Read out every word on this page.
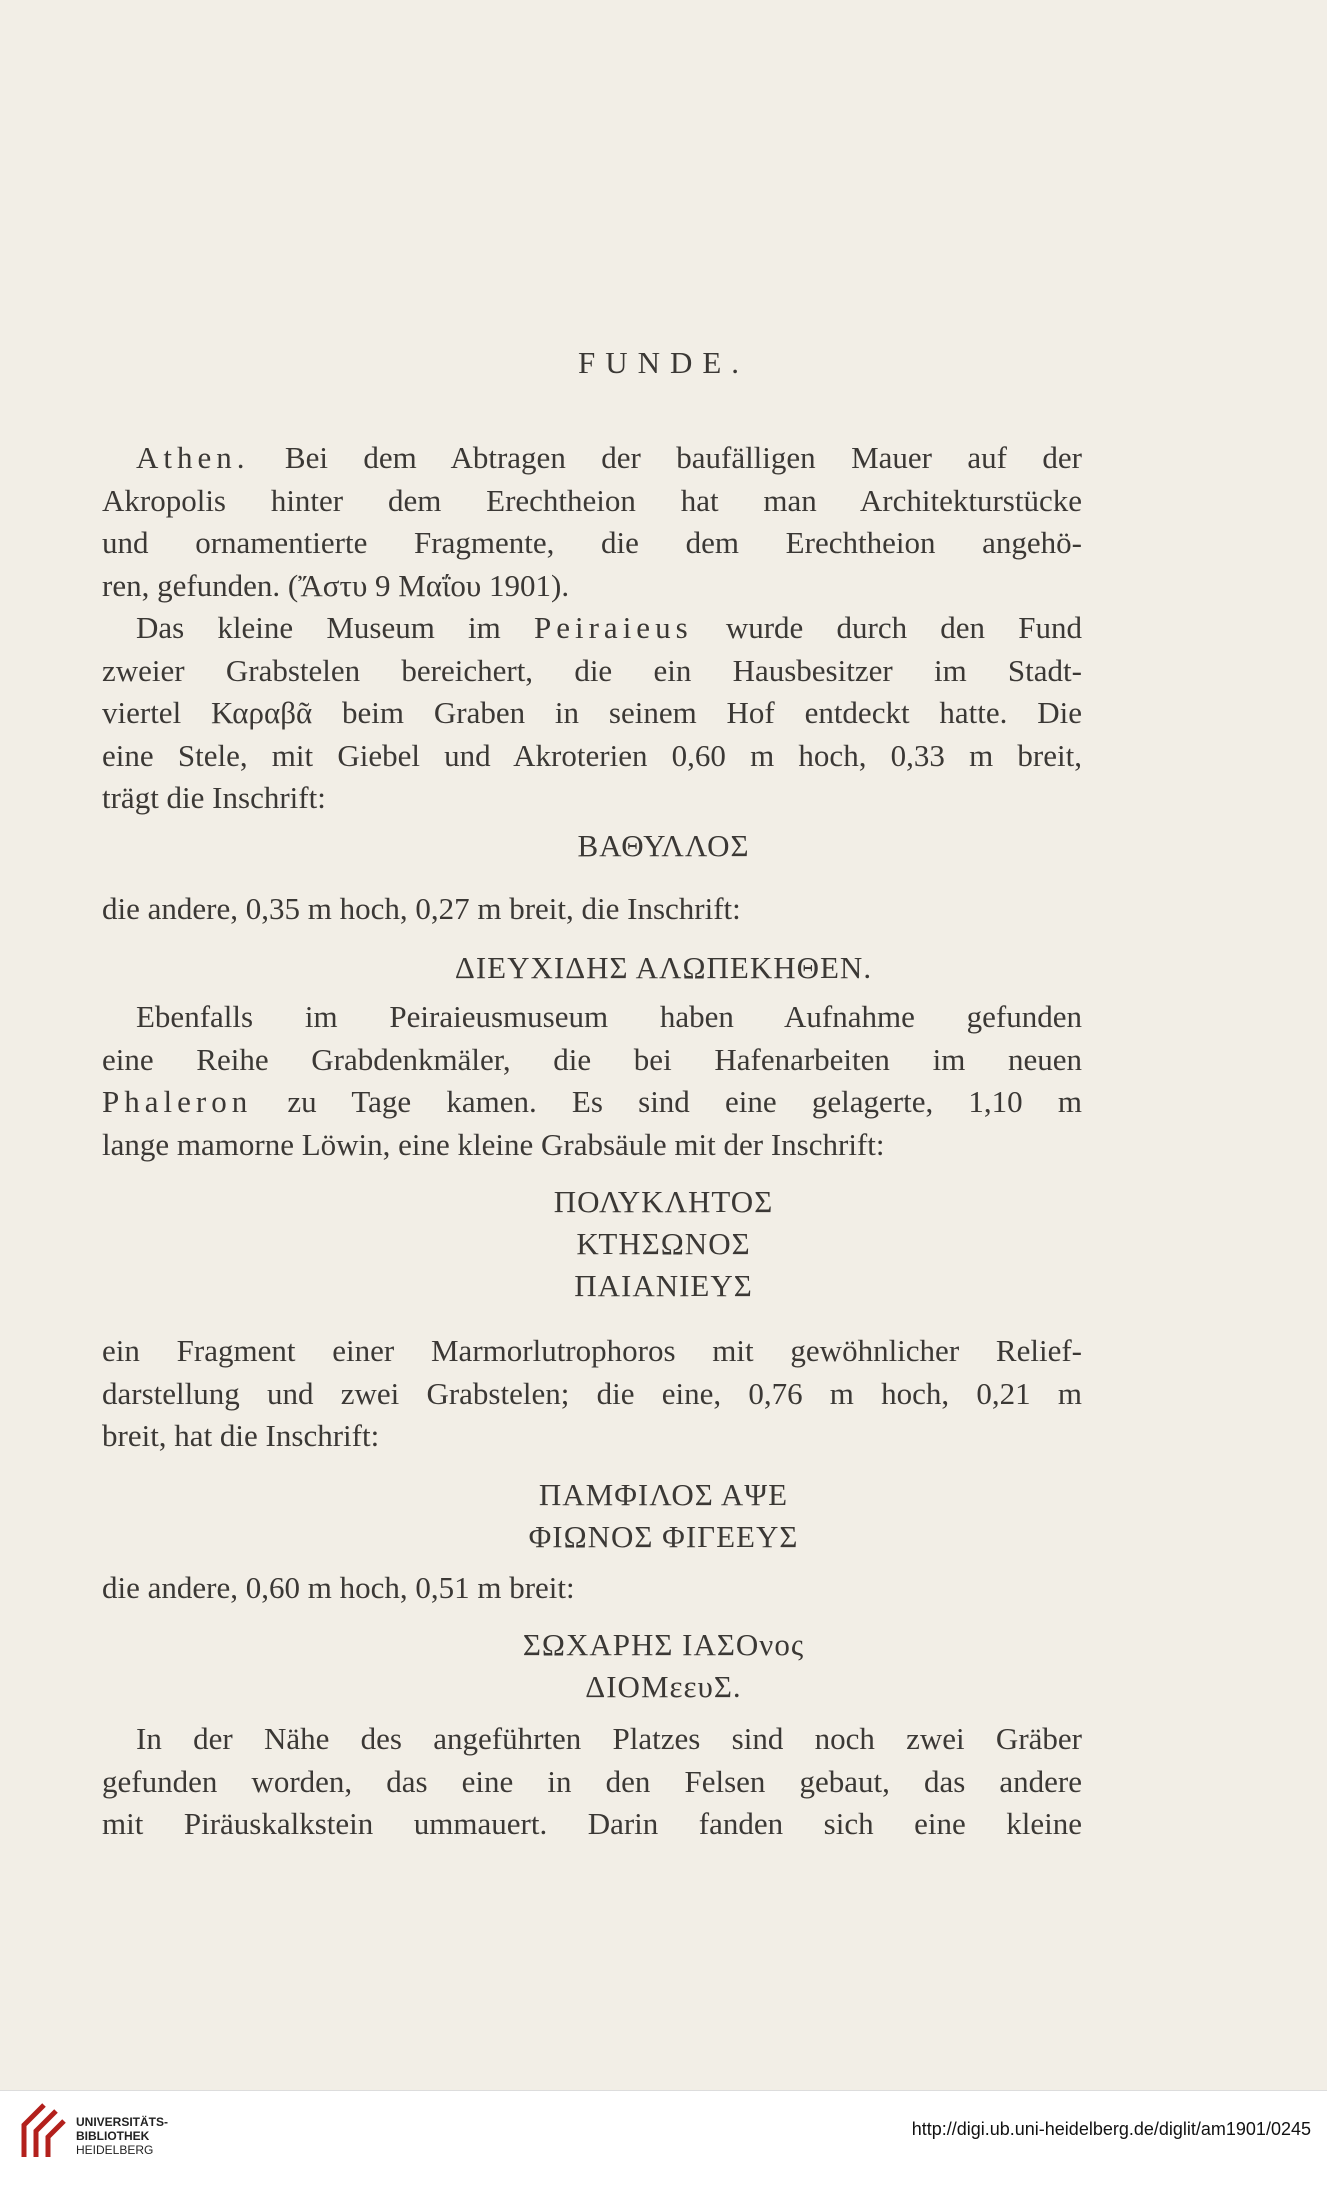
FUNDE.
Athen. Bei dem Abtragen der baufälligen Mauer auf der
Akropolis hinter dem Erechtheion hat man Architekturstücke
und ornamentierte Fragmente, die dem Erechtheion angehö-
ren, gefunden. (Ἄστυ 9 Μαΐου 1901).
Das kleine Museum im Peiraieus wurde durch den Fund
zweier Grabstelen bereichert, die ein Hausbesitzer im Stadt-
viertel Καραβᾶ beim Graben in seinem Hof entdeckt hatte. Die
eine Stele, mit Giebel und Akroterien 0,60 m hoch, 0,33 m breit,
trägt die Inschrift:
ΒΑΘΥΛΛΟΣ
die andere, 0,35 m hoch, 0,27 m breit, die Inschrift:
ΔΙΕΥΧΙΔΗΣ ΑΛΩΠΕΚΗΘΕΝ.
Ebenfalls im Peiraieusmuseum haben Aufnahme gefunden
eine Reihe Grabdenkmäler, die bei Hafenarbeiten im neuen
Phaleron zu Tage kamen. Es sind eine gelagerte, 1,10 m
lange mamorne Löwin, eine kleine Grabsäule mit der Inschrift:
ΠΟΛΥΚΛΗΤΟΣ
ΚΤΗΣΩΝΟΣ
ΠΑΙΑΝΙΕΥΣ
ein Fragment einer Marmorlutrophoros mit gewöhnlicher Relief-
darstellung und zwei Grabstelen; die eine, 0,76 m hoch, 0,21 m
breit, hat die Inschrift:
ΠΑΜΦΙΛΟΣ ΑΨΕ
ΦΙΩΝΟΣ ΦΙΓΕΕΥΣ
die andere, 0,60 m hoch, 0,51 m breit:
ΣΩΧΑΡΗΣ ΙΑΣΟνος
ΔΙΟΜεευΣ.
In der Nähe des angeführten Platzes sind noch zwei Gräber
gefunden worden, das eine in den Felsen gebaut, das andere
mit Piräuskalkstein ummauert. Darin fanden sich eine kleine
UNIVERSITÄTS-
BIBLIOTHEK
HEIDELBERG
http://digi.ub.uni-heidelberg.de/diglit/am1901/0245
